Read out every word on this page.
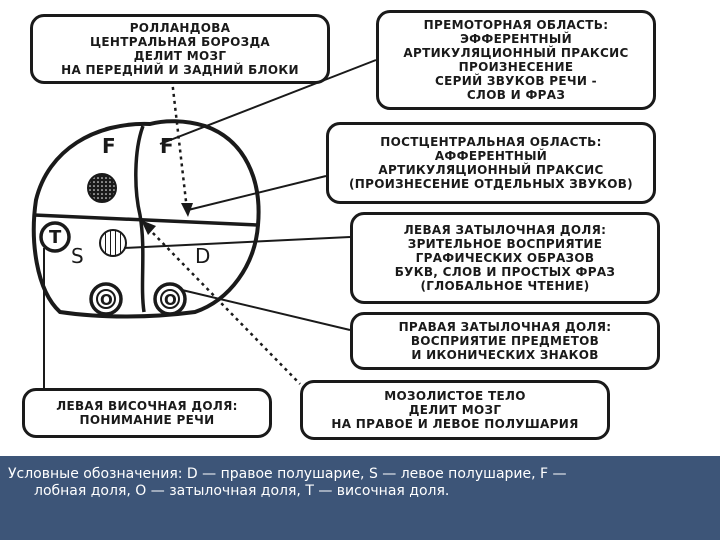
F F
T
S	D
O	O
РОЛЛАНДОВА
ЦЕНТРАЛЬНАЯ БОРОЗДА
ДЕЛИТ МОЗГ
НА ПЕРЕДНИЙ И ЗАДНИЙ БЛОКИ
ПРЕМОТОРНАЯ ОБЛАСТЬ:
ЭФФЕРЕНТНЫЙ
АРТИКУЛЯЦИОННЫЙ ПРАКСИС
ПРОИЗНЕСЕНИЕ
СЕРИЙ ЗВУКОВ РЕЧИ -
СЛОВ И ФРАЗ
ПОСТЦЕНТРАЛЬНАЯ ОБЛАСТЬ:
АФФЕРЕНТНЫЙ
АРТИКУЛЯЦИОННЫЙ ПРАКСИС
(ПРОИЗНЕСЕНИЕ ОТДЕЛЬНЫХ ЗВУКОВ)
ЛЕВАЯ ЗАТЫЛОЧНАЯ ДОЛЯ:
ЗРИТЕЛЬНОЕ ВОСПРИЯТИЕ
ГРАФИЧЕСКИХ ОБРАЗОВ
БУКВ, СЛОВ И ПРОСТЫХ ФРАЗ
(ГЛОБАЛЬНОЕ ЧТЕНИЕ)
ПРАВАЯ ЗАТЫЛОЧНАЯ ДОЛЯ:
ВОСПРИЯТИЕ ПРЕДМЕТОВ
И ИКОНИЧЕСКИХ ЗНАКОВ
МОЗОЛИСТОЕ ТЕЛО
ДЕЛИТ МОЗГ
НА ПРАВОЕ И ЛЕВОЕ ПОЛУШАРИЯ
ЛЕВАЯ ВИСОЧНАЯ ДОЛЯ:
ПОНИМАНИЕ РЕЧИ
Условные обозначения: D — правое полушарие, S — левое полушарие, F —
лобная доля, О — затылочная доля, Т — височная доля.
